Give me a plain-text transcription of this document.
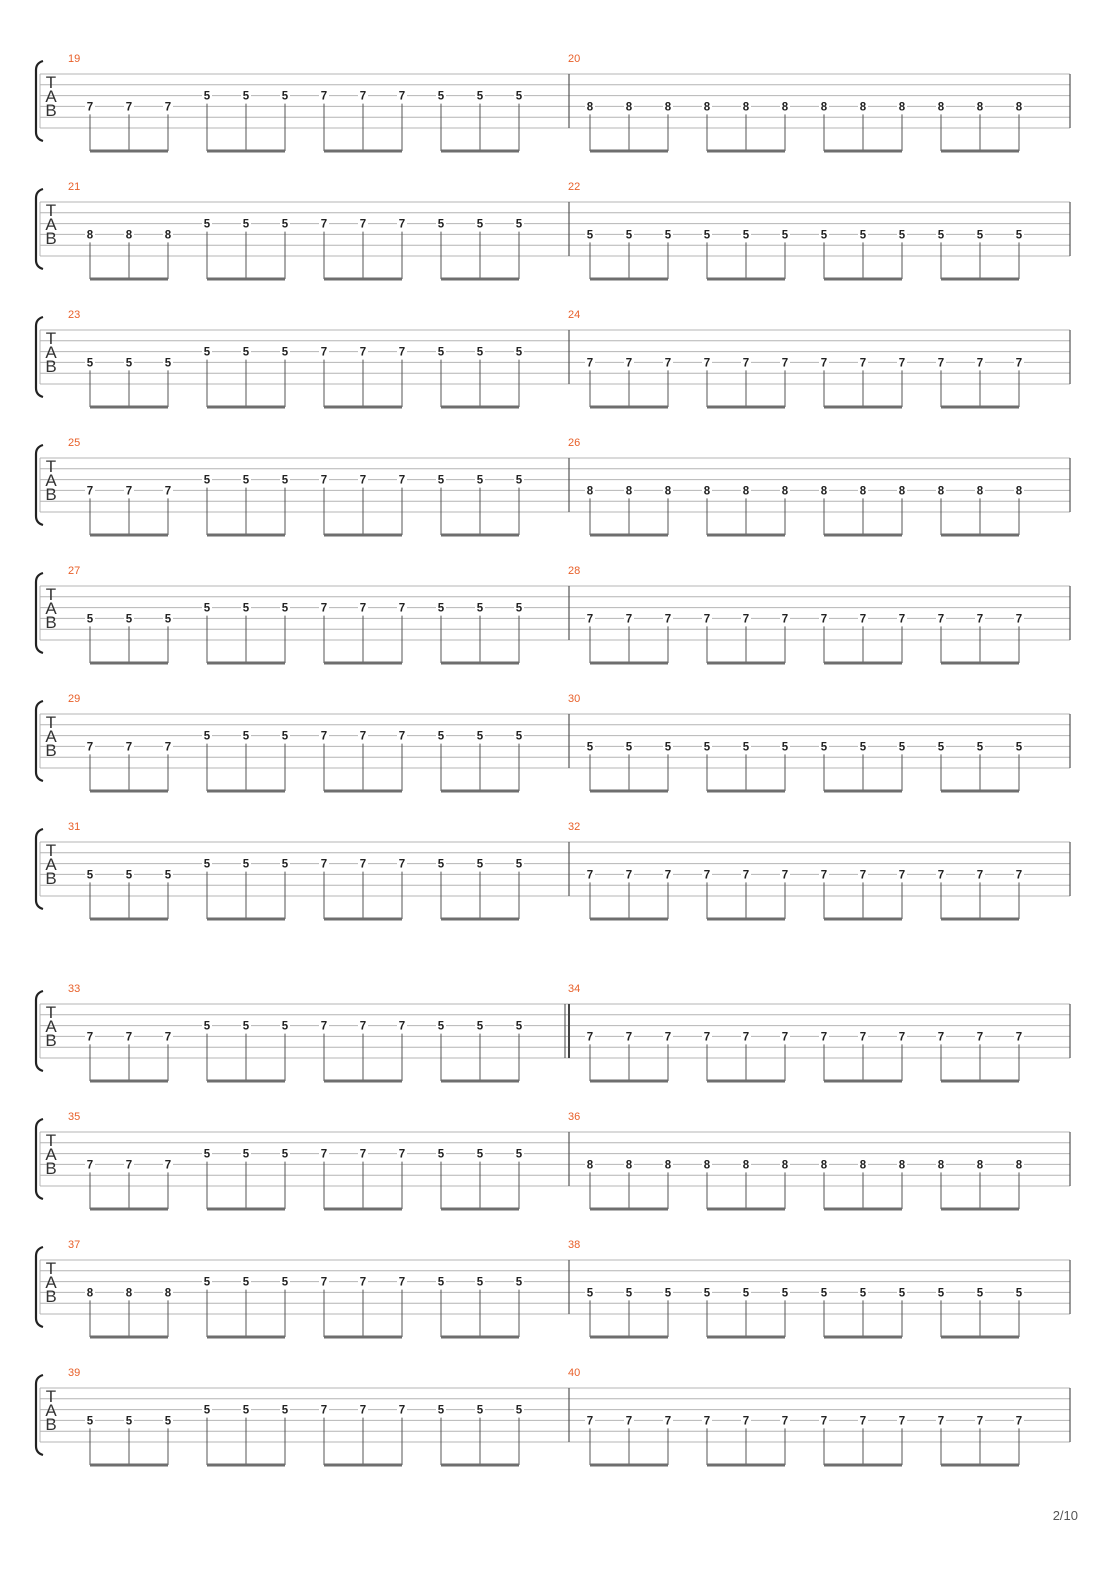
T
A
B
19
7	7	7
5	5	5	7	7	7	5	5	5
20
8	8	8	8	8	8	8	8	8	8	8	8
T
A
B
21
8	8	8
5	5	5	7	7	7	5	5	5
22
5	5	5	5	5	5	5	5	5	5	5	5
T
A
B
23
5	5	5
5	5	5	7	7	7	5	5	5
24
7	7	7	7	7	7	7	7	7	7	7	7
T
A
B
25
7	7	7
5	5	5	7	7	7	5	5	5
26
8	8	8	8	8	8	8	8	8	8	8	8
T
A
B
27
5	5	5
5	5	5	7	7	7	5	5	5
28
7	7	7	7	7	7	7	7	7	7	7	7
T
A
B
29
7	7	7
5	5	5	7	7	7	5	5	5
30
5	5	5	5	5	5	5	5	5	5	5	5
T
A
B
31
5	5	5
5	5	5	7	7	7	5	5	5
32
7	7	7	7	7	7	7	7	7	7	7	7
T
A
B
33
7	7	7
5	5	5	7	7	7	5	5	5
34
7	7	7	7	7	7	7	7	7	7	7	7
T
A
B
35
7	7	7
5	5	5	7	7	7	5	5	5
36
8	8	8	8	8	8	8	8	8	8	8	8
T
A
B
37
8	8	8
5	5	5	7	7	7	5	5	5
38
5	5	5	5	5	5	5	5	5	5	5	5
T
A
B
39
5	5	5
5	5	5	7	7	7	5	5	5
40
7	7	7	7	7	7	7	7	7	7	7	7
2/10
